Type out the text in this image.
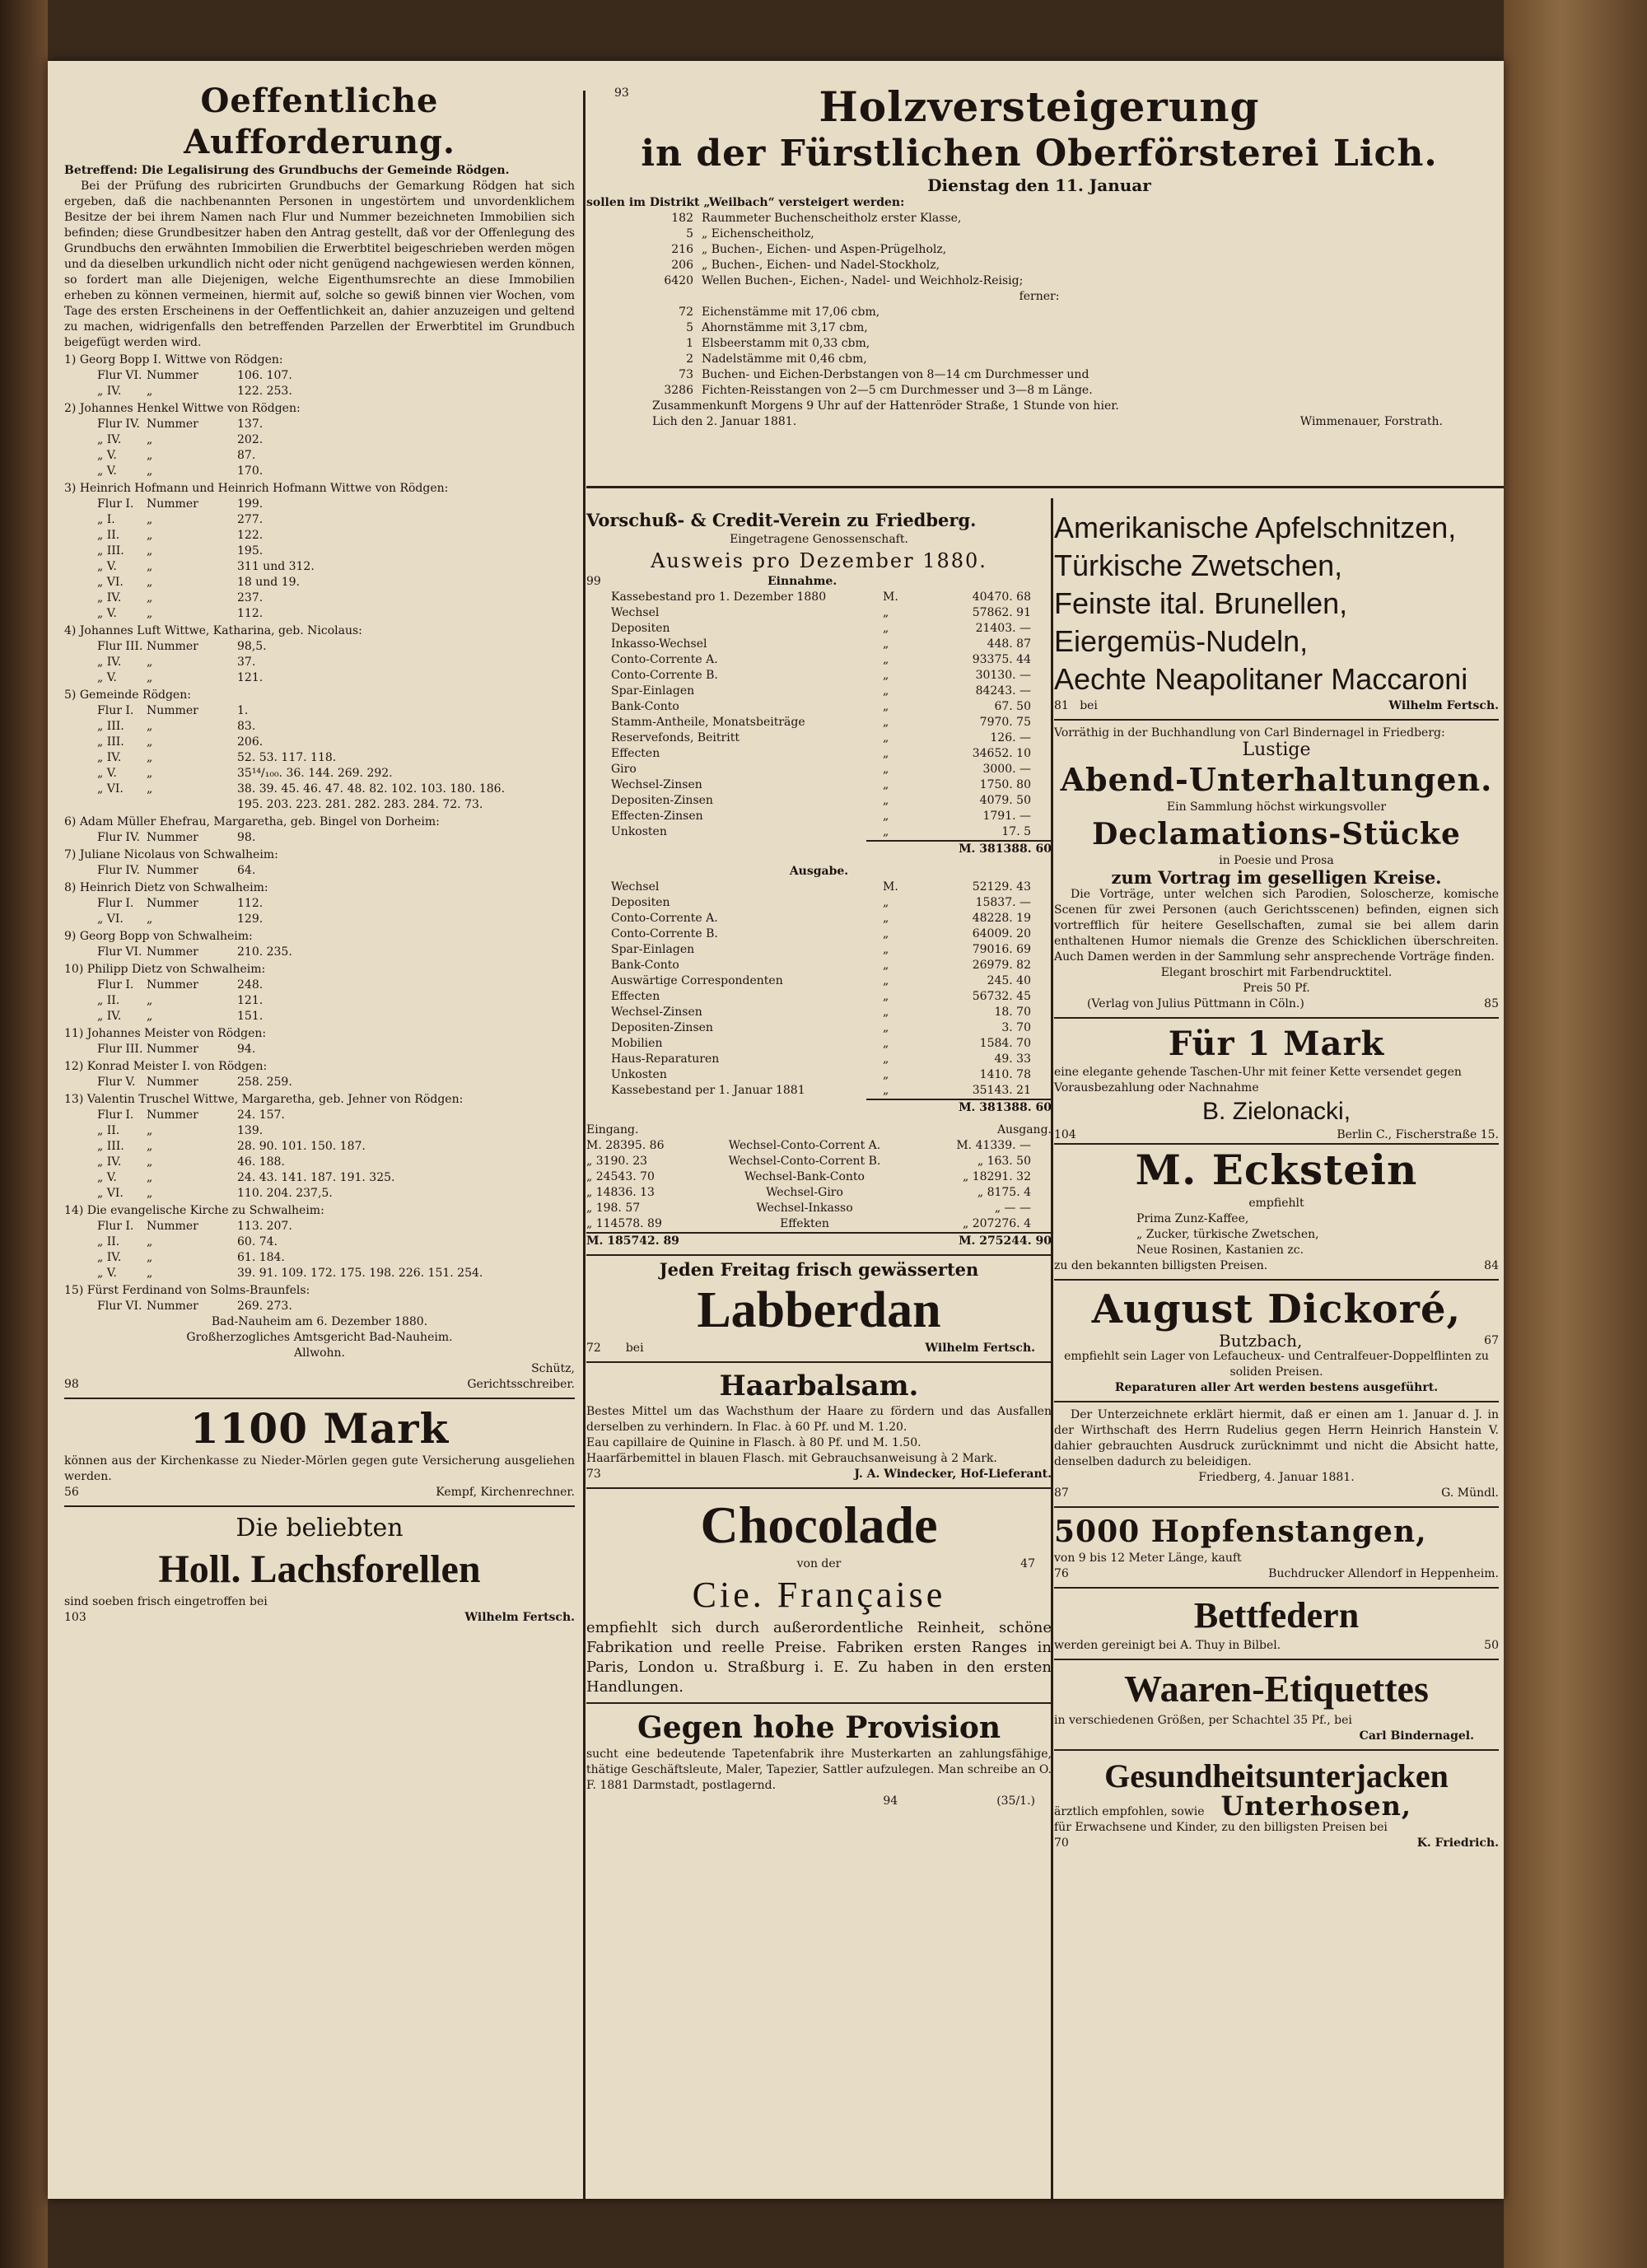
Oeffentliche Aufforderung.

Betreffend: Die Legalisirung des Grundbuchs der Gemeinde Rödgen.

Bei der Prüfung des rubricirten Grundbuchs der Gemarkung Rödgen hat sich ergeben, daß die nachbenannten Personen in ungestörtem und unvordenklichem Besitze der bei ihrem Namen nach Flur und Nummer bezeichneten Immobilien sich befinden; diese Grundbesitzer haben den Antrag gestellt, daß vor der Offenlegung des Grundbuchs den erwähnten Immobilien die Erwerbtitel beigeschrieben werden mögen und da dieselben urkundlich nicht oder nicht genügend nachgewiesen werden können, so fordert man alle Diejenigen, welche Eigenthumsrechte an diese Immobilien erheben zu können vermeinen, hiermit auf, solche so gewiß binnen vier Wochen, vom Tage des ersten Erscheinens in der Oeffentlichkeit an, dahier anzuzeigen und geltend zu machen, widrigenfalls den betreffenden Parzellen der Erwerbtitel im Grundbuch beigefügt werden wird.

1) Georg Bopp I. Wittwe von Rödgen:
Flur VI. Nummer	106. 107.
„ IV.	„	122. 253.
2) Johannes Henkel Wittwe von Rödgen:
Flur IV. Nummer	137.
„ IV.	„	202.
„ V.	„	87.
„ V.	„	170.
3) Heinrich Hofmann und Heinrich Hofmann Wittwe von Rödgen:
Flur I.	Nummer	199.
„ I.	„	277.
„ II.	„	122.
„ III.	„	195.
„ V.	„	311 und 312.
„ VI.	„	18 und 19.
„ IV.	„	237.
„ V.	„	112.
4) Johannes Luft Wittwe, Katharina, geb. Nicolaus:
Flur III. Nummer	98,5.
„ IV.	„	37.
„ V.	„	121.
5) Gemeinde Rödgen:
Flur I.	Nummer	1.
„ III.	„	83.
„ III.	„	206.
„ IV.	„	52. 53. 117. 118.
„ V.	„	35¹⁴/₁₀₀. 36. 144. 269. 292.
„ VI.	„	38. 39. 45. 46. 47. 48. 82. 102. 103. 180. 186. 195. 203. 223. 281. 282. 283. 284. 72. 73.
6) Adam Müller Ehefrau, Margaretha, geb. Bingel von Dorheim:
Flur IV. Nummer	98.
7) Juliane Nicolaus von Schwalheim:
Flur IV. Nummer	64.
8) Heinrich Dietz von Schwalheim:
Flur I.	Nummer	112.
„ VI.	„	129.
9) Georg Bopp von Schwalheim:
Flur VI. Nummer	210. 235.
10) Philipp Dietz von Schwalheim:
Flur I.	Nummer	248.
„ II.	„	121.
„ IV.	„	151.
11) Johannes Meister von Rödgen:
Flur III. Nummer	94.
12) Konrad Meister I. von Rödgen:
Flur V. Nummer	258. 259.
13) Valentin Truschel Wittwe, Margaretha, geb. Jehner von Rödgen:
Flur I.	Nummer	24. 157.
„ II.	„	139.
„ III.	„	28. 90. 101. 150. 187.
„ IV.	„	46. 188.
„ V.	„	24. 43. 141. 187. 191. 325.
„ VI.	„	110. 204. 237,5.
14) Die evangelische Kirche zu Schwalheim:
Flur I.	Nummer	113. 207.
„ II.	„	60. 74.
„ IV.	„	61. 184.
„ V.	„	39. 91. 109. 172. 175. 198. 226. 151. 254.
15) Fürst Ferdinand von Solms-Braunfels:
Flur VI. Nummer	269. 273.

Bad-Nauheim am 6. Dezember 1880.

Großherzogliches Amtsgericht Bad-Nauheim.

Allwohn.

Schütz,

98	Gerichtsschreiber.
1100 Mark

können aus der Kirchenkasse zu Nieder-Mörlen gegen gute Versicherung ausgeliehen werden.

56	Kempf, Kirchenrechner.
Die beliebten
Holl. Lachsforellen

sind soeben frisch eingetroffen bei

103	Wilhelm Fertsch.
93	Holzversteigerung
in der Fürstlichen Oberförsterei Lich.
Dienstag den 11. Januar

sollen im Distrikt „Weilbach“ versteigert werden:

182 Raummeter Buchenscheitholz erster Klasse,
5 „ Eichenscheitholz,
216 „ Buchen-, Eichen- und Aspen-Prügelholz,
206 „ Buchen-, Eichen- und Nadel-Stockholz,
6420 Wellen Buchen-, Eichen-, Nadel- und Weichholz-Reisig;
ferner:
72 Eichenstämme mit 17,06 cbm,
5 Ahornstämme mit 3,17 cbm,
1 Elsbeerstamm mit 0,33 cbm,
2 Nadelstämme mit 0,46 cbm,
73 Buchen- und Eichen-Derbstangen von 8—14 cm Durchmesser und
3286 Fichten-Reisstangen von 2—5 cm Durchmesser und 3—8 m Länge.

Zusammenkunft Morgens 9 Uhr auf der Hattenröder Straße, 1 Stunde von hier.

Lich den 2. Januar 1881.	Wimmenauer, Forstrath.
Vorschuß- & Credit-Verein zu Friedberg.
Eingetragene Genossenschaft.
Ausweis pro Dezember 1880.
99	Einnahme.
Kassebestand pro 1. Dezember 1880	M.	40470. 68
Wechsel	„	57862. 91
Depositen	„	21403. —
Inkasso-Wechsel	„	448. 87
Conto-Corrente A.	„	93375. 44
Conto-Corrente B.	„	30130. —
Spar-Einlagen	„	84243. —
Bank-Conto	„	67. 50
Stamm-Antheile, Monatsbeiträge	„	7970. 75
Reservefonds, Beitritt	„	126. —
Effecten	„	34652. 10
Giro	„	3000. —
Wechsel-Zinsen	„	1750. 80
Depositen-Zinsen	„	4079. 50
Effecten-Zinsen	„	1791. —
Unkosten	„	17. 5
M. 381388. 60
Ausgabe.
Wechsel	M.	52129. 43
Depositen	„	15837. —
Conto-Corrente A.	„	48228. 19
Conto-Corrente B.	„	64009. 20
Spar-Einlagen	„	79016. 69
Bank-Conto	„	26979. 82
Auswärtige Correspondenten	„	245. 40
Effecten	„	56732. 45
Wechsel-Zinsen	„	18. 70
Depositen-Zinsen	„	3. 70
Mobilien	„	1584. 70
Haus-Reparaturen	„	49. 33
Unkosten	„	1410. 78
Kassebestand per 1. Januar 1881	„	35143. 21
M. 381388. 60
Eingang.	Ausgang.
M. 28395. 86	Wechsel-Conto-Corrent A.	M. 41339. —
„ 3190. 23	Wechsel-Conto-Corrent B.	„ 163. 50
„ 24543. 70	Wechsel-Bank-Conto	„ 18291. 32
„ 14836. 13	Wechsel-Giro	„ 8175. 4
„ 198. 57	Wechsel-Inkasso	„ — —
„ 114578. 89	Effekten	„ 207276. 4
M. 185742. 89	M. 275244. 90
Jeden Freitag frisch gewässerten
Labberdan
72 bei	Wilhelm Fertsch.
Haarbalsam.

Bestes Mittel um das Wachsthum der Haare zu fördern und das Ausfallen derselben zu verhindern. In Flac. à 60 Pf. und M. 1.20.

Eau capillaire de Quinine in Flasch. à 80 Pf. und M. 1.50.

Haarfärbemittel in blauen Flasch. mit Gebrauchsanweisung à 2 Mark.

73	J. A. Windecker, Hof-Lieferant.
Chocolade
von der	47
Cie. Française

empfiehlt sich durch außerordentliche Reinheit, schöne Fabrikation und reelle Preise. Fabriken ersten Ranges in Paris, London u. Straßburg i. E. Zu haben in den ersten Handlungen.

Gegen hohe Provision

sucht eine bedeutende Tapetenfabrik ihre Musterkarten an zahlungsfähige, thätige Geschäftsleute, Maler, Tapezier, Sattler aufzulegen. Man schreibe an O. F. 1881 Darmstadt, postlagernd.

94	(35/1.)
Amerikanische Apfelschnitzen,
Türkische Zwetschen,
Feinste ital. Brunellen,
Eiergemüs-Nudeln,
Aechte Neapolitaner Maccaroni
81 bei	Wilhelm Fertsch.

Vorräthig in der Buchhandlung von Carl Bindernagel in Friedberg:

Lustige
Abend-Unterhaltungen.
Ein Sammlung höchst wirkungsvoller
Declamations-Stücke
in Poesie und Prosa
zum Vortrag im geselligen Kreise.

Die Vorträge, unter welchen sich Parodien, Soloscherze, komische Scenen für zwei Personen (auch Gerichtsscenen) befinden, eignen sich vortrefflich für heitere Gesellschaften, zumal sie bei allem darin enthaltenen Humor niemals die Grenze des Schicklichen überschreiten. Auch Damen werden in der Sammlung sehr ansprechende Vorträge finden.

Elegant broschirt mit Farbendrucktitel.
Preis 50 Pf.
(Verlag von Julius Püttmann in Cöln.)	85
Für 1 Mark

eine elegante gehende Taschen-Uhr mit feiner Kette versendet gegen Vorausbezahlung oder Nachnahme

B. Zielonacki,
104	Berlin C., Fischerstraße 15.
M. Eckstein
empfiehlt
Prima Zunz-Kaffee,
„ Zucker, türkische Zwetschen,
Neue Rosinen, Kastanien zc.
zu den bekannten billigsten Preisen.	84
August Dickoré,
Butzbach,	67

empfiehlt sein Lager von Lefaucheux- und Centralfeuer-Doppelflinten zu soliden Preisen.

Reparaturen aller Art werden bestens ausgeführt.

Der Unterzeichnete erklärt hiermit, daß er einen am 1. Januar d. J. in der Wirthschaft des Herrn Rudelius gegen Herrn Heinrich Hanstein V. dahier gebrauchten Ausdruck zurücknimmt und nicht die Absicht hatte, denselben dadurch zu beleidigen.

Friedberg, 4. Januar 1881.
87	G. Mündl.
5000 Hopfenstangen,
von 9 bis 12 Meter Länge, kauft
76	Buchdrucker Allendorf in Heppenheim.
Bettfedern
werden gereinigt bei A. Thuy in Bilbel.	50
Waaren-Etiquettes
in verschiedenen Größen, per Schachtel 35 Pf., bei
Carl Bindernagel.
Gesundheitsunterjacken
ärztlich empfohlen, sowie Unterhosen,
für Erwachsene und Kinder, zu den billigsten Preisen bei
70	K. Friedrich.
